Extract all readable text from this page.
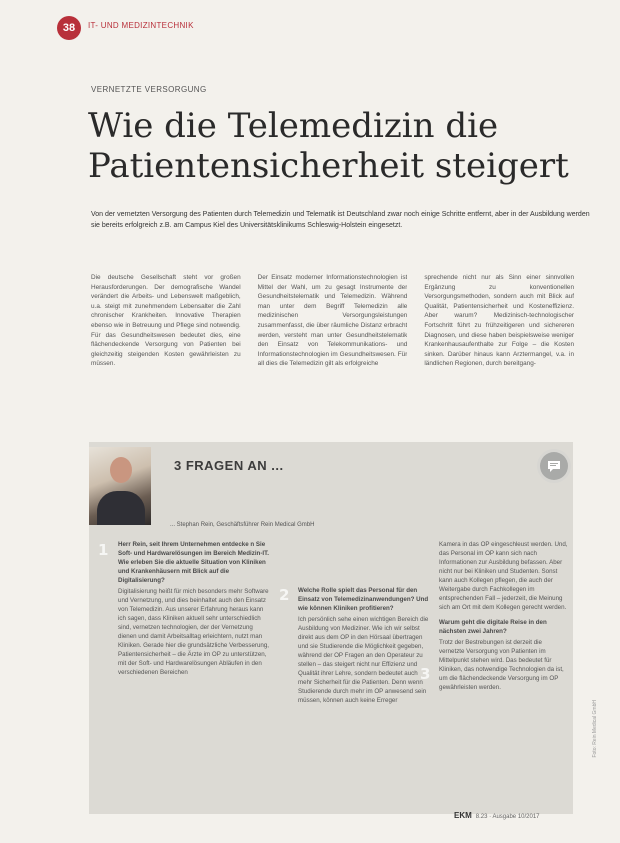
38 IT- UND MEDIZINTECHNIK
VERNETZTE VERSORGUNG
Wie die Telemedizin die Patientensicherheit steigert

Von der vernetzten Versorgung des Patienten durch Telemedizin und Telematik ist Deutschland zwar noch einige Schritte entfernt, aber in der Ausbildung werden sie bereits erfolgreich z.B. am Campus Kiel des Universitätsklinikums Schleswig-Holstein eingesetzt.

Die deutsche Gesellschaft steht vor großen Herausforderungen. Der demografische Wandel verändert die Arbeits- und Lebenswelt maßgeblich, u.a. steigt mit zunehmendem Lebensalter die Zahl chronischer Krankheiten. Innovative Therapien ebenso wie in Betreuung und Pflege sind notwendig. Für das Gesundheitswesen bedeutet dies, eine flächendeckende Versorgung von Patienten bei gleichzeitig steigenden Kosten gewährleisten zu müssen.

Der Einsatz moderner Informationstechnologien ist Mittel der Wahl, um zu gesagt Instrumente der Gesundheitstelematik und Telemedizin. Während man unter dem Begriff Telemedizin alle medizinischen Versorgungsleistungen zusammenfasst, die über räumliche Distanz erbracht werden, versteht man unter Gesundheitstelematik den Einsatz von Telekommunikations- und Informationstechnologien im Gesundheitswesen. Für all dies die Telemedizin gilt als erfolgreiche

sprechende nicht nur als Sinn einer sinnvollen Ergänzung zu konventionellen Versorgungsmethoden, sondern auch mit Blick auf Qualität, Patientensicherheit und Kosteneffizienz. Aber warum? Medizinisch-technologischer Fortschritt führt zu frühzeitigeren und sichereren Diagnosen, und diese haben beispielsweise weniger Krankenhausaufenthalte zur Folge – die Kosten sinken. Darüber hinaus kann Arztermangel, v.a. in ländlichen Regionen, durch bereitgang-

3 FRAGEN AN ...
... Stephan Rein, Geschäftsführer Rein Medical GmbH
1
2
3

Herr Rein, seit Ihrem Unternehmen entdecke n Sie Soft- und Hardwarelösungen im Bereich Medizin-IT. Wie erleben Sie die aktuelle Situation von Kliniken und Krankenhäusern mit Blick auf die Digitalisierung?

Digitalisierung heißt für mich besonders mehr Software und Vernetzung, und dies beinhaltet auch den Einsatz von Telemedizin. Aus unserer Erfahrung heraus kann ich sagen, dass Kliniken aktuell sehr unterschiedlich sind, vernetzen technologien, der der Vernetzung dienen und damit Arbeitsalltag erleichtern, nutzt man Kliniken. Gerade hier die grundsätzliche Verbesserung, Patientensicherheit – die Ärzte im OP zu unterstützen, mit der Soft- und Hardwarelösungen Abläufen in den verschiedenen Bereichen

Welche Rolle spielt das Personal für den Einsatz von Telemedizinanwendungen? Und wie können Kliniken profitieren?

Ich persönlich sehe einen wichtigen Bereich die Ausbildung von Mediziner. Wie ich wir selbst direkt aus dem OP in den Hörsaal übertragen und sie Studierende die Möglichkeit gegeben, während der OP Fragen an den Operateur zu stellen – das steigert nicht nur Effizienz und Qualität ihrer Lehre, sondern bedeutet auch mehr Sicherheit für die Patienten. Denn wenn Studierende durch mehr im OP anwesend sein müssen, können auch keine Erreger

Kamera in das OP eingeschleust werden. Und, das Personal im OP kann sich nach Informationen zur Ausbildung befassen. Aber nicht nur bei Kliniken und Studenten. Sonst kann auch Kollegen pflegen, die auch der Weitergabe durch Fachkollegen im entsprechenden Fall – jederzeit, die Meinung sich am Ort mit dem Kollegen gerecht werden.

Warum geht die digitale Reise in den nächsten zwei Jahren?

Trotz der Bestrebungen ist derzeit die vernetzte Versorgung von Patienten im Mittelpunkt stehen wird. Das bedeutet für Kliniken, das notwendige Technologien da ist, um die flächendeckende Versorgung im OP gewährleisten werden.

EKM 8.23 · Ausgabe 10/2017
Foto: Rein Medical GmbH
